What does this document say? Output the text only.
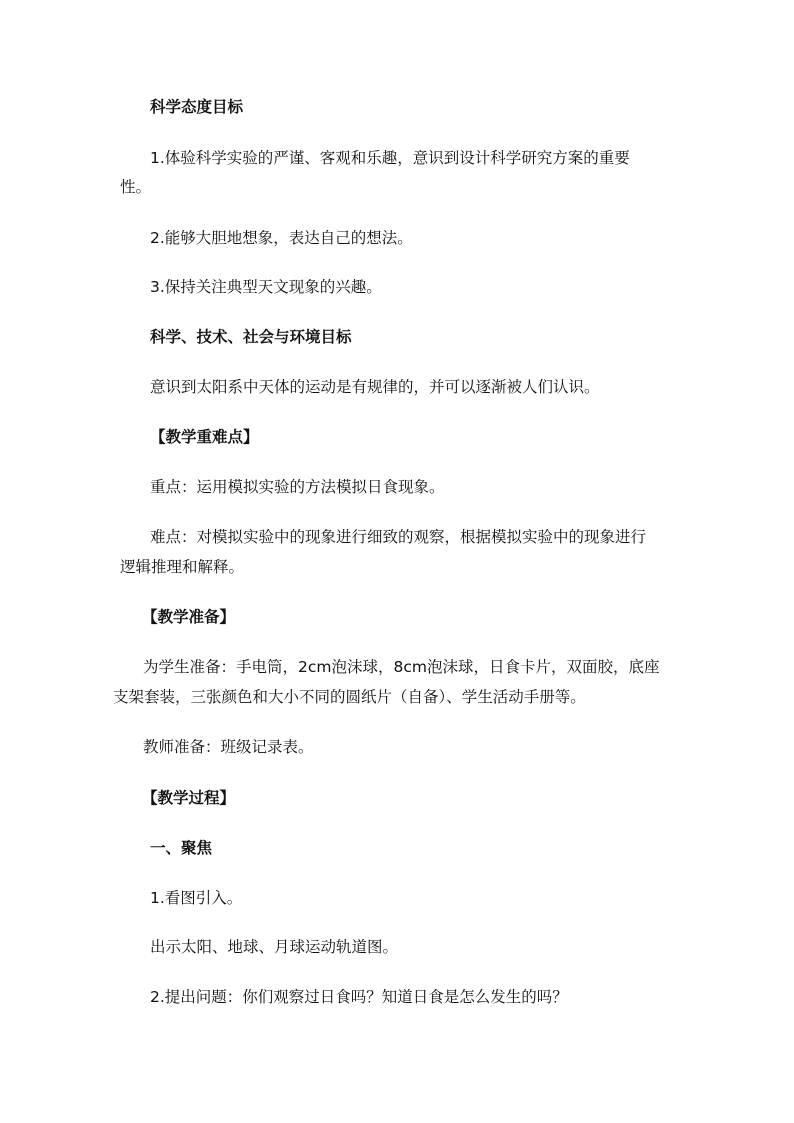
科学态度目标
1.体验科学实验的严谨、客观和乐趣，意识到设计科学研究方案的重要
性。
2.能够大胆地想象，表达自己的想法。
3.保持关注典型天文现象的兴趣。
科学、技术、社会与环境目标
意识到太阳系中天体的运动是有规律的，并可以逐渐被人们认识。
【教学重难点】
重点：运用模拟实验的方法模拟日食现象。
难点：对模拟实验中的现象进行细致的观察，根据模拟实验中的现象进行
逻辑推理和解释。
【教学准备】
为学生准备：手电筒，2cm泡沫球，8cm泡沫球，日食卡片，双面胶，底座
支架套装，三张颜色和大小不同的圆纸片（自备）、学生活动手册等。
教师准备：班级记录表。
【教学过程】
一、聚焦
1.看图引入。
出示太阳、地球、月球运动轨道图。
2.提出问题：你们观察过日食吗？知道日食是怎么发生的吗？
